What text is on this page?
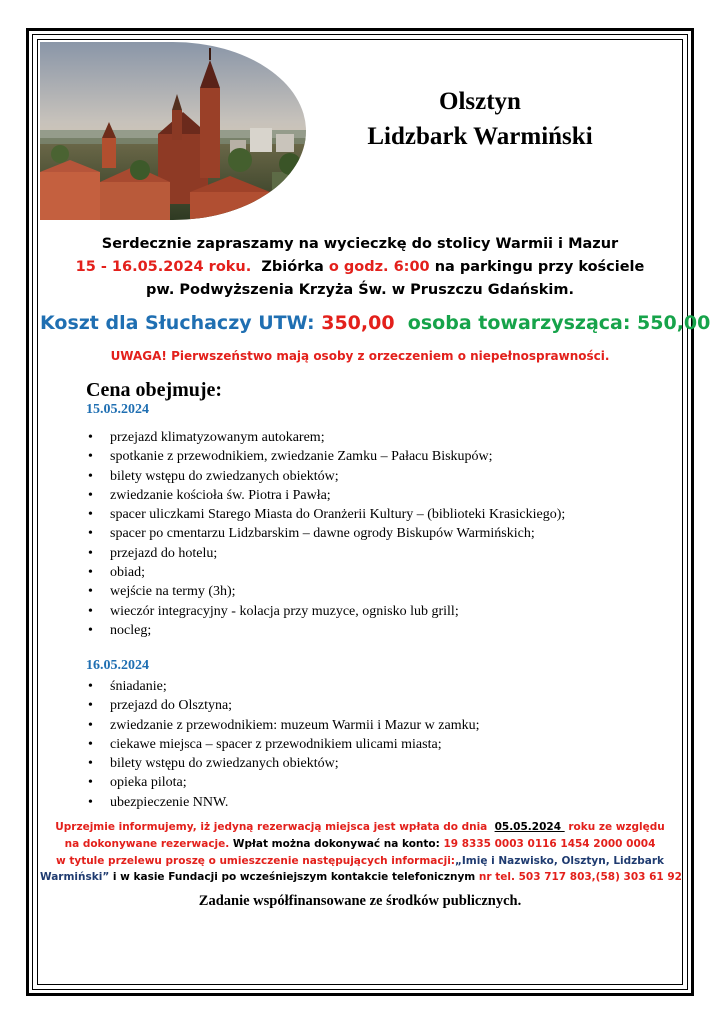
Olsztyn
Lidzbark Warmiński
Serdecznie zapraszamy na wycieczkę do stolicy Warmii i Mazur
15 - 16.05.2024 roku.  Zbiórka o godz. 6:00 na parkingu przy kościele
pw. Podwyższenia Krzyża Św. w Pruszczu Gdańskim.
Koszt dla Słuchaczy UTW: 350,00 osoba towarzysząca: 550,00
UWAGA! Pierwszeństwo mają osoby z orzeczeniem o niepełnosprawności.
Cena obejmuje:
15.05.2024
• przejazd klimatyzowanym autokarem;
• spotkanie z przewodnikiem, zwiedzanie Zamku – Pałacu Biskupów;
• bilety wstępu do zwiedzanych obiektów;
• zwiedzanie kościoła św. Piotra i Pawła;
• spacer uliczkami Starego Miasta do Oranżerii Kultury – (biblioteki Krasickiego);
• spacer po cmentarzu Lidzbarskim – dawne ogrody Biskupów Warmińskich;
• przejazd do hotelu;
• obiad;
• wejście na termy (3h);
• wieczór integracyjny - kolacja przy muzyce, ognisko lub grill;
• nocleg;
16.05.2024
• śniadanie;
• przejazd do Olsztyna;
• zwiedzanie z przewodnikiem: muzeum Warmii i Mazur w zamku;
• ciekawe miejsca – spacer z przewodnikiem ulicami miasta;
• bilety wstępu do zwiedzanych obiektów;
• opieka pilota;
• ubezpieczenie NNW.
Uprzejmie informujemy, iż jedyną rezerwacją miejsca jest wpłata do dnia  05.05.2024  roku ze względu
na dokonywane rezerwacje. Wpłat można dokonywać na konto: 19 8335 0003 0116 1454 2000 0004
w tytule przelewu proszę o umieszczenie następujących informacji:„Imię i Nazwisko, Olsztyn, Lidzbark
Warmiński” i w kasie Fundacji po wcześniejszym kontakcie telefonicznym nr tel. 503 717 803,(58) 303 61 92
Zadanie współfinansowane ze środków publicznych.
